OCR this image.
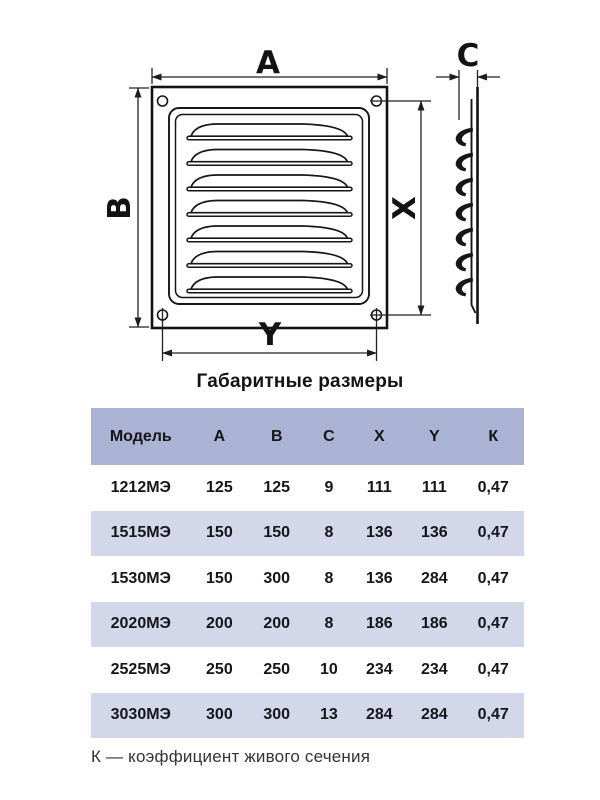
A
B	X
Y
C
Габаритные размеры
Модель	A	B	C	X	Y	К
1212МЭ	125	125	9	111	111	0,47
1515МЭ	150	150	8	136	136	0,47
1530МЭ	150	300	8	136	284	0,47
2020МЭ	200	200	8	186	186	0,47
2525МЭ	250	250	10	234	234	0,47
3030МЭ	300	300	13	284	284	0,47
К — коэффициент живого сечения
